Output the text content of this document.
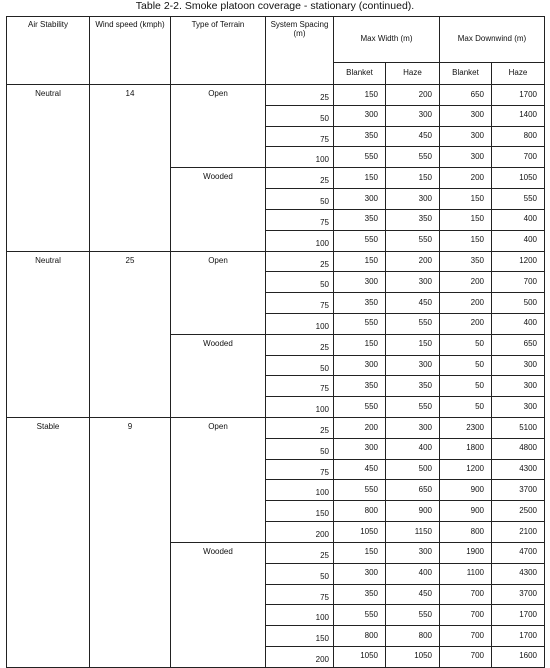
Table 2-2. Smoke platoon coverage - stationary (continued).
Air Stability	Wind speed (kmph)	Type of Terrain	System Spacing (m)	Max Width (m)		Max Downwind (m)	
				Blanket	Haze	Blanket	Haze
Neutral	14	Open	25	150	200	650	1700
			50	300	300	300	1400
			75	350	450	300	800
			100	550	550	300	700
		Wooded	25	150	150	200	1050
			50	300	300	150	550
			75	350	350	150	400
			100	550	550	150	400
Neutral	25	Open	25	150	200	350	1200
			50	300	300	200	700
			75	350	450	200	500
			100	550	550	200	400
		Wooded	25	150	150	50	650
			50	300	300	50	300
			75	350	350	50	300
			100	550	550	50	300
Stable	9	Open	25	200	300	2300	5100
			50	300	400	1800	4800
			75	450	500	1200	4300
			100	550	650	900	3700
			150	800	900	900	2500
			200	1050	1150	800	2100
		Wooded	25	150	300	1900	4700
			50	300	400	1100	4300
			75	350	450	700	3700
			100	550	550	700	1700
			150	800	800	700	1700
			200	1050	1050	700	1600
